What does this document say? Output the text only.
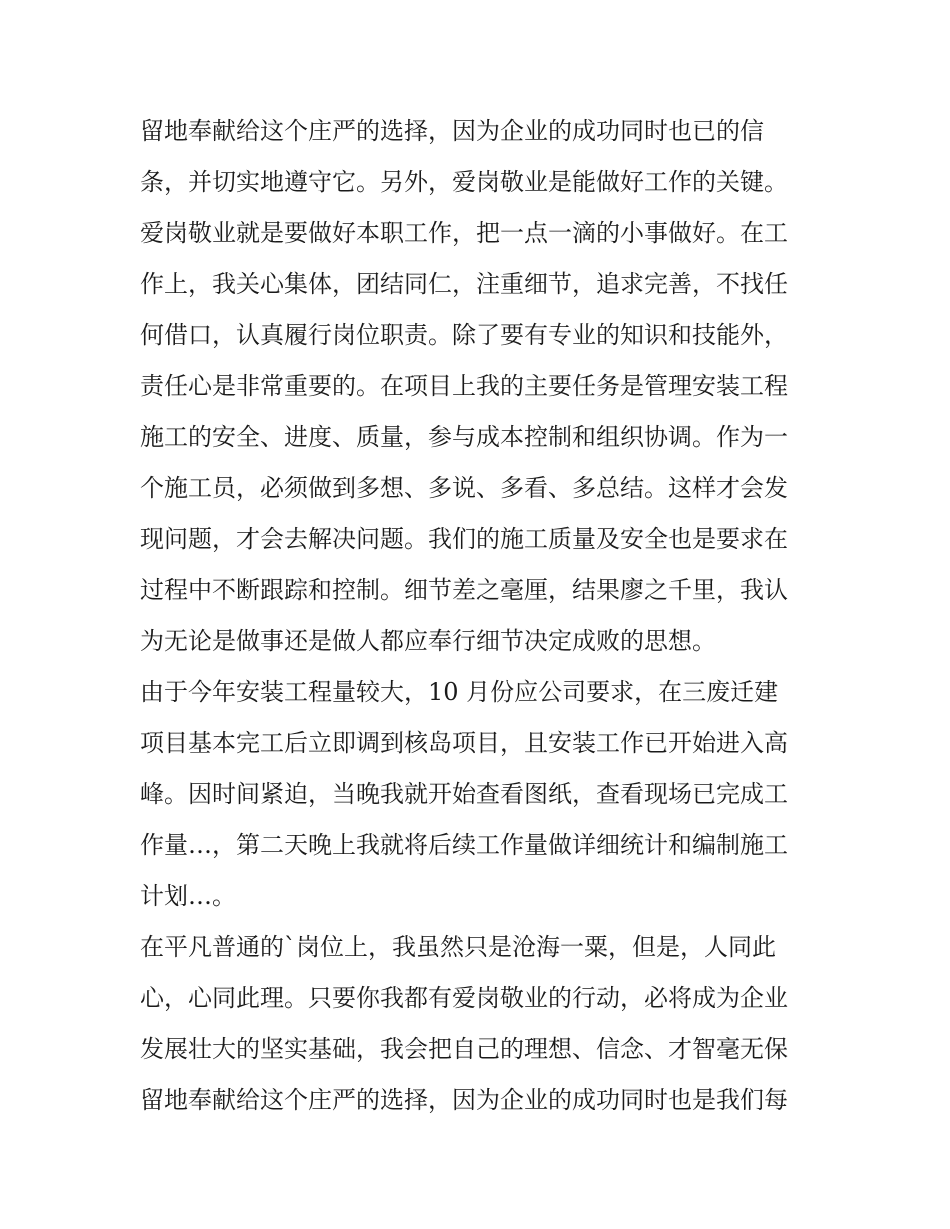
留地奉献给这个庄严的选择，因为企业的成功同时也已的信
条，并切实地遵守它。另外，爱岗敬业是能做好工作的关键。
爱岗敬业就是要做好本职工作，把一点一滴的小事做好。在工
作上，我关心集体，团结同仁，注重细节，追求完善，不找任
何借口，认真履行岗位职责。除了要有专业的知识和技能外，
责任心是非常重要的。在项目上我的主要任务是管理安装工程
施工的安全、进度、质量，参与成本控制和组织协调。作为一
个施工员，必须做到多想、多说、多看、多总结。这样才会发
现问题，才会去解决问题。我们的施工质量及安全也是要求在
过程中不断跟踪和控制。细节差之毫厘，结果廖之千里，我认
为无论是做事还是做人都应奉行细节决定成败的思想。
由于今年安装工程量较大，10 月份应公司要求，在三废迁建
项目基本完工后立即调到核岛项目，且安装工作已开始进入高
峰。因时间紧迫，当晚我就开始查看图纸，查看现场已完成工
作量…，第二天晚上我就将后续工作量做详细统计和编制施工
计划…。
在平凡普通的`岗位上，我虽然只是沧海一粟，但是，人同此
心，心同此理。只要你我都有爱岗敬业的行动，必将成为企业
发展壮大的坚实基础，我会把自己的理想、信念、才智毫无保
留地奉献给这个庄严的选择，因为企业的成功同时也是我们每
